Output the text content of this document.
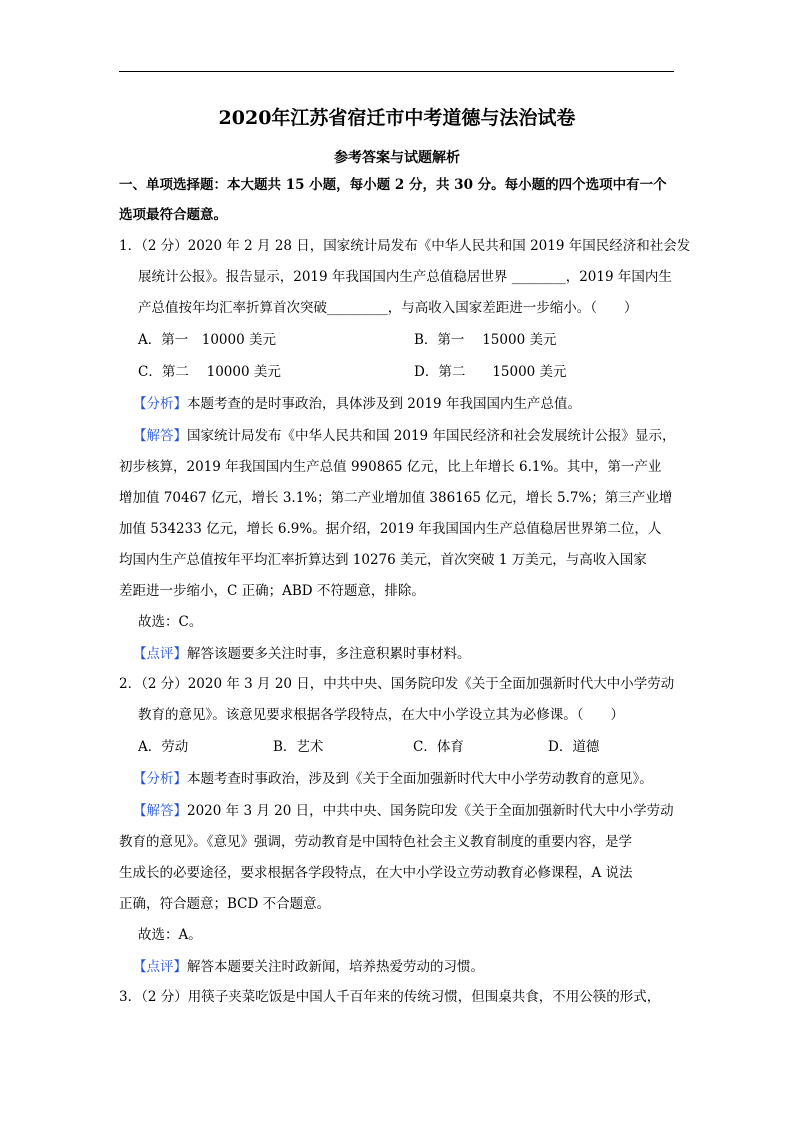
2020年江苏省宿迁市中考道德与法治试卷
参考答案与试题解析
一、单项选择题：本大题共 15 小题，每小题 2 分，共 30 分。每小题的四个选项中有一个
选项最符合题意。
1．（2 分）2020 年 2 月 28 日，国家统计局发布《中华人民共和国 2019 年国民经济和社会发
展统计公报》。报告显示，2019 年我国国内生产总值稳居世界 ________，2019 年国内生
产总值按年均汇率折算首次突破_________，与高收入国家差距进一步缩小。（　　）
A．第一　10000 美元	B．第一　 15000 美元
C．第二　 10000 美元	D．第二　　15000 美元
【分析】本题考查的是时事政治，具体涉及到 2019 年我国国内生产总值。
【解答】国家统计局发布《中华人民共和国 2019 年国民经济和社会发展统计公报》显示，
初步核算，2019 年我国国内生产总值 990865 亿元，比上年增长 6.1%。其中，第一产业
增加值 70467 亿元，增长 3.1%；第二产业增加值 386165 亿元，增长 5.7%；第三产业增
加值 534233 亿元，增长 6.9%。据介绍，2019 年我国国内生产总值稳居世界第二位，人
均国内生产总值按年平均汇率折算达到 10276 美元，首次突破 1 万美元，与高收入国家
差距进一步缩小，C 正确；ABD 不符题意，排除。
故选：C。
【点评】解答该题要多关注时事，多注意积累时事材料。
2．（2 分）2020 年 3 月 20 日，中共中央、国务院印发《关于全面加强新时代大中小学劳动
教育的意见》。该意见要求根据各学段特点，在大中小学设立其为必修课。（　　）
A．劳动	B．艺术	C．体育	D．道德
【分析】本题考查时事政治，涉及到《关于全面加强新时代大中小学劳动教育的意见》。
【解答】2020 年 3 月 20 日，中共中央、国务院印发《关于全面加强新时代大中小学劳动
教育的意见》。《意见》强调，劳动教育是中国特色社会主义教育制度的重要内容，是学
生成长的必要途径，要求根据各学段特点，在大中小学设立劳动教育必修课程，A 说法
正确，符合题意；BCD 不合题意。
故选：A。
【点评】解答本题要关注时政新闻，培养热爱劳动的习惯。
3．（2 分）用筷子夹菜吃饭是中国人千百年来的传统习惯，但围桌共食，不用公筷的形式，
